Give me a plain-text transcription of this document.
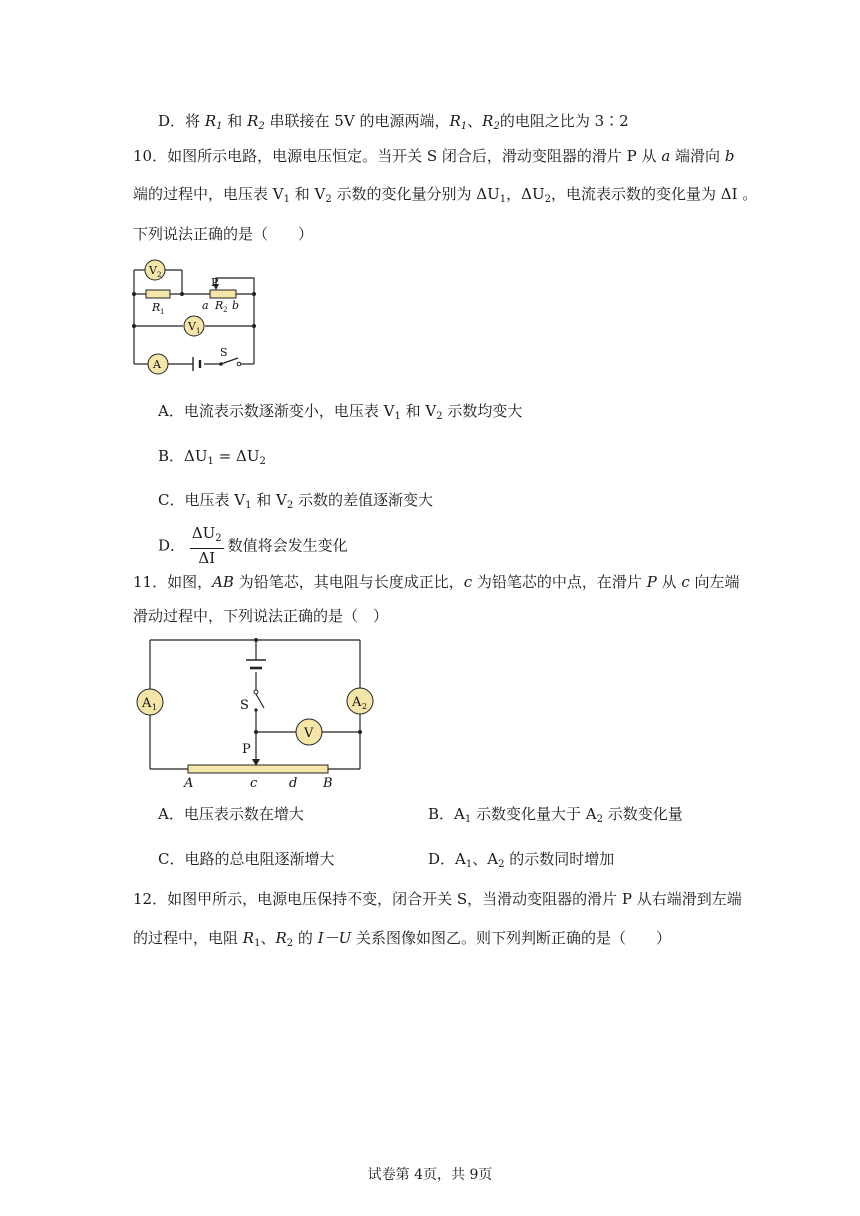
D．将 $R_1$ 和 $R_2$ 串联接在 5V 的电源两端，$R_1$、$R_2$的电阻之比为 3∶2
10．如图所示电路，电源电压恒定。当开关 S 闭合后，滑动变阻器的滑片 P 从 a 端滑向 b
端的过程中，电压表 $V_1$ 和 $V_2$ 示数的变化量分别为 $\Delta U_1$，$\Delta U_2$，电流表示数的变化量为 ΔI 。
下列说法正确的是（　　）
V 2
V 1
A
P
R 1	a R 2 b
S
A．电流表示数逐渐变小，电压表 $V_1$ 和 $V_2$ 示数均变大
B．$\Delta U_1 = \Delta U_2$
C．电压表 $V_1$ 和 $V_2$ 示数的差值逐渐变大
D． $\frac{\Delta U_2}{\Delta I}$ 数值将会发生变化
11．如图，AB 为铅笔芯，其电阻与长度成正比，c 为铅笔芯的中点，在滑片 P 从 c 向左端
滑动过程中，下列说法正确的是（　）
A 1	A 2
V
S
P
A	c d B
A．电压表示数在增大	B．$A_1$ 示数变化量大于 $A_2$ 示数变化量
C．电路的总电阻逐渐增大	D．$A_1$、$A_2$ 的示数同时增加
12．如图甲所示，电源电压保持不变，闭合开关 S，当滑动变阻器的滑片 P 从右端滑到左端
的过程中，电阻 $R_1$、$R_2$ 的 I－U 关系图像如图乙。则下列判断正确的是（　　）
试卷第 4页，共 9页
